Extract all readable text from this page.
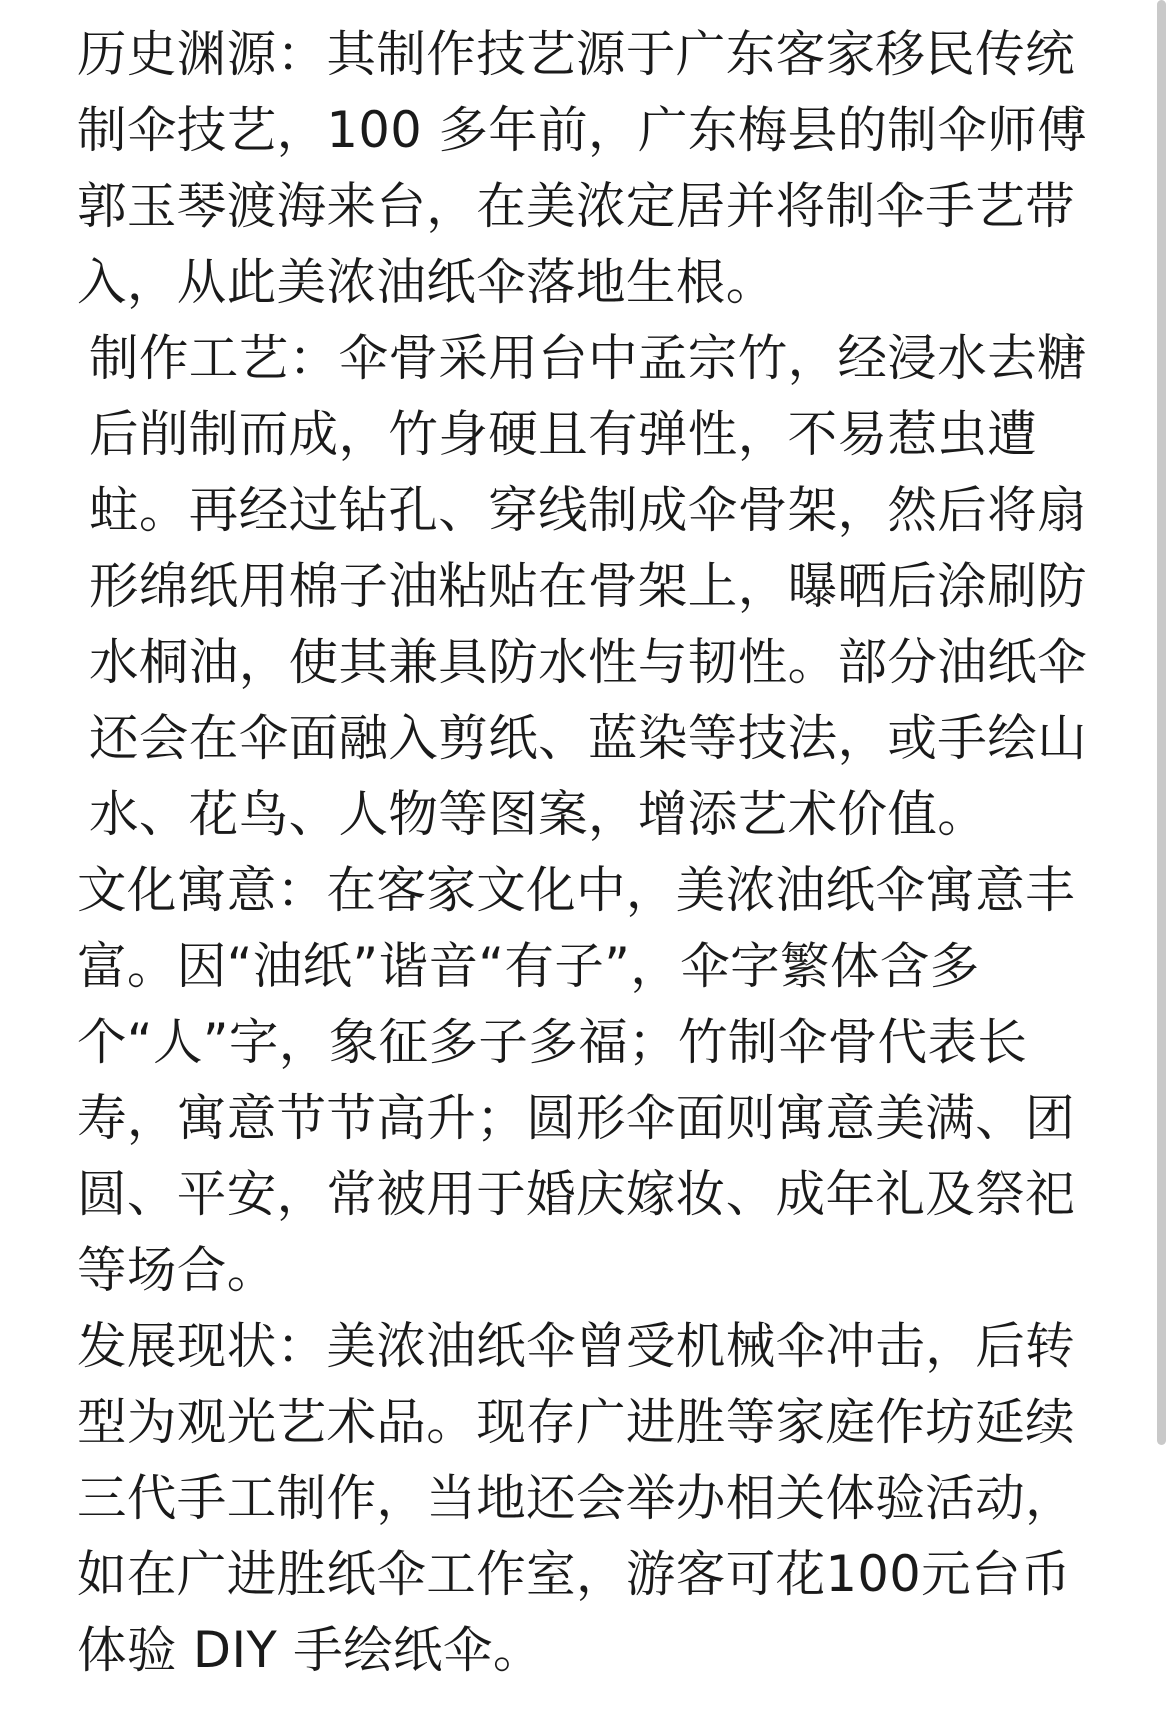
历史渊源：其制作技艺源于广东客家移民传统制伞技艺，100 多年前，广东梅县的制伞师傅郭玉琴渡海来台，在美浓定居并将制伞手艺带入，从此美浓油纸伞落地生根。

制作工艺：伞骨采用台中孟宗竹，经浸水去糖后削制而成，竹身硬且有弹性，不易惹虫遭蛀。再经过钻孔、穿线制成伞骨架，然后将扇形绵纸用棉子油粘贴在骨架上，曝晒后涂刷防水桐油，使其兼具防水性与韧性。部分油纸伞还会在伞面融入剪纸、蓝染等技法，或手绘山水、花鸟、人物等图案，增添艺术价值。

文化寓意：在客家文化中，美浓油纸伞寓意丰富。因“油纸”谐音“有子”，伞字繁体含多个“人”字，象征多子多福；竹制伞骨代表长寿，寓意节节高升；圆形伞面则寓意美满、团圆、平安，常被用于婚庆嫁妆、成年礼及祭祀等场合。

发展现状：美浓油纸伞曾受机械伞冲击，后转型为观光艺术品。现存广进胜等家庭作坊延续三代手工制作，当地还会举办相关体验活动，如在广进胜纸伞工作室，游客可花100元台币体验 DIY 手绘纸伞。
